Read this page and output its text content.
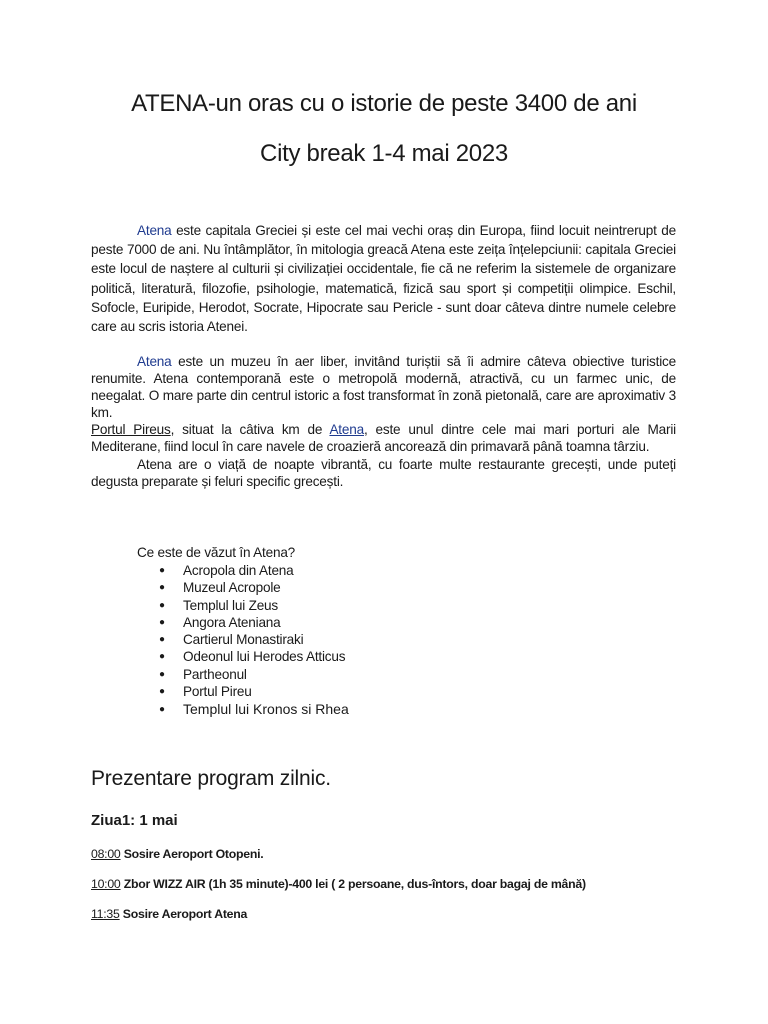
ATENA-un oras cu o istorie de peste 3400 de ani
City break 1-4 mai 2023

Atena este capitala Greciei și este cel mai vechi oraș din Europa, fiind locuit neintrerupt de peste 7000 de ani. Nu întâmplător, în mitologia greacă Atena este zeița înțelepciunii: capitala Greciei este locul de naștere al culturii și civilizației occidentale, fie că ne referim la sistemele de organizare politică, literatură, filozofie, psihologie, matematică, fizică sau sport și competiții olimpice. Eschil, Sofocle, Euripide, Herodot, Socrate, Hipocrate sau Pericle - sunt doar câteva dintre numele celebre care au scris istoria Atenei.

Atena este un muzeu în aer liber, invitând turiștii să îi admire câteva obiective turistice renumite. Atena contemporană este o metropolă modernă, atractivă, cu un farmec unic, de neegalat. O mare parte din centrul istoric a fost transformat în zonă pietonală, care are aproximativ 3 km.
Portul Pireus, situat la câtiva km de Atena, este unul dintre cele mai mari porturi ale Marii Mediterane, fiind locul în care navele de croazieră ancorează din primavară până toamna târziu.
Atena are o viață de noapte vibrantă, cu foarte multe restaurante grecești, unde puteți degusta preparate și feluri specific grecești.

Ce este de văzut în Atena?

● Acropola din Atena
● Muzeul Acropole
● Templul lui Zeus
● Angora Ateniana
● Cartierul Monastiraki
● Odeonul lui Herodes Atticus
● Partheonul
● Portul Pireu
● Templul lui Kronos si Rhea
Prezentare program zilnic.
Ziua1: 1 mai

08:00 Sosire Aeroport Otopeni.

10:00 Zbor WIZZ AIR (1h 35 minute)-400 lei ( 2 persoane, dus-întors, doar bagaj de mână)

11:35 Sosire Aeroport Atena
